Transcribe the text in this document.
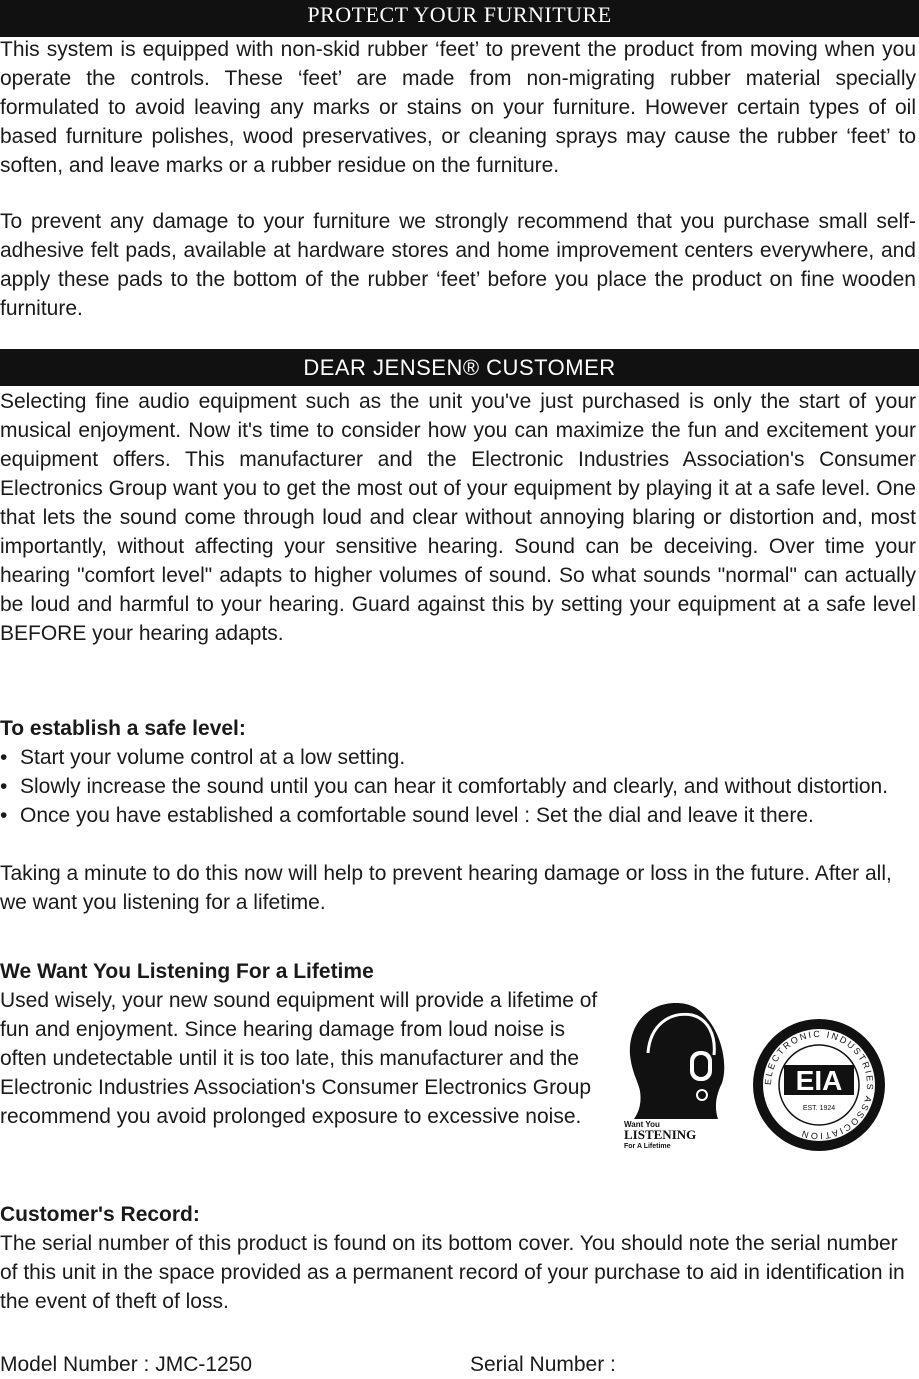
PROTECT YOUR FURNITURE

This system is equipped with non-skid rubber ‘feet’ to prevent the product from moving when you operate the controls. These ‘feet’ are made from non-migrating rubber material specially formulated to avoid leaving any marks or stains on your furniture. However certain types of oil based furniture polishes, wood preservatives, or cleaning sprays may cause the rubber ‘feet’ to soften, and leave marks or a rubber residue on the furniture.

To prevent any damage to your furniture we strongly recommend that you purchase small self-adhesive felt pads, available at hardware stores and home improvement centers everywhere, and apply these pads to the bottom of the rubber ‘feet’ before you place the product on fine wooden furniture.

DEAR JENSEN® CUSTOMER

Selecting fine audio equipment such as the unit you've just purchased is only the start of your musical enjoyment. Now it's time to consider how you can maximize the fun and excitement your equipment offers. This manufacturer and the Electronic Industries Association's Consumer Electronics Group want you to get the most out of your equipment by playing it at a safe level. One that lets the sound come through loud and clear without annoying blaring or distortion and, most importantly, without affecting your sensitive hearing. Sound can be deceiving. Over time your hearing "comfort level" adapts to higher volumes of sound. So what sounds "normal" can actually be loud and harmful to your hearing. Guard against this by setting your equipment at a safe level BEFORE your hearing adapts.

To establish a safe level:
• Start your volume control at a low setting.
• Slowly increase the sound until you can hear it comfortably and clearly, and without distortion.
• Once you have established a comfortable sound level : Set the dial and leave it there.

Taking a minute to do this now will help to prevent hearing damage or loss in the future. After all, we want you listening for a lifetime.

We Want You Listening For a Lifetime

Used wisely, your new sound equipment will provide a lifetime of fun and enjoyment. Since hearing damage from loud noise is often undetectable until it is too late, this manufacturer and the Electronic Industries Association's Consumer Electronics Group recommend you avoid prolonged exposure to excessive noise.	We
Want You
LISTENING
For A Lifetime
ELECTRONIC INDUSTRIES ASSOCIATION
EIA
EST. 1924
Customer's Record:

The serial number of this product is found on its bottom cover. You should note the serial number of this unit in the space provided as a permanent record of your purchase to aid in identification in the event of theft of loss.

Model Number : JMC-1250	Serial Number :
